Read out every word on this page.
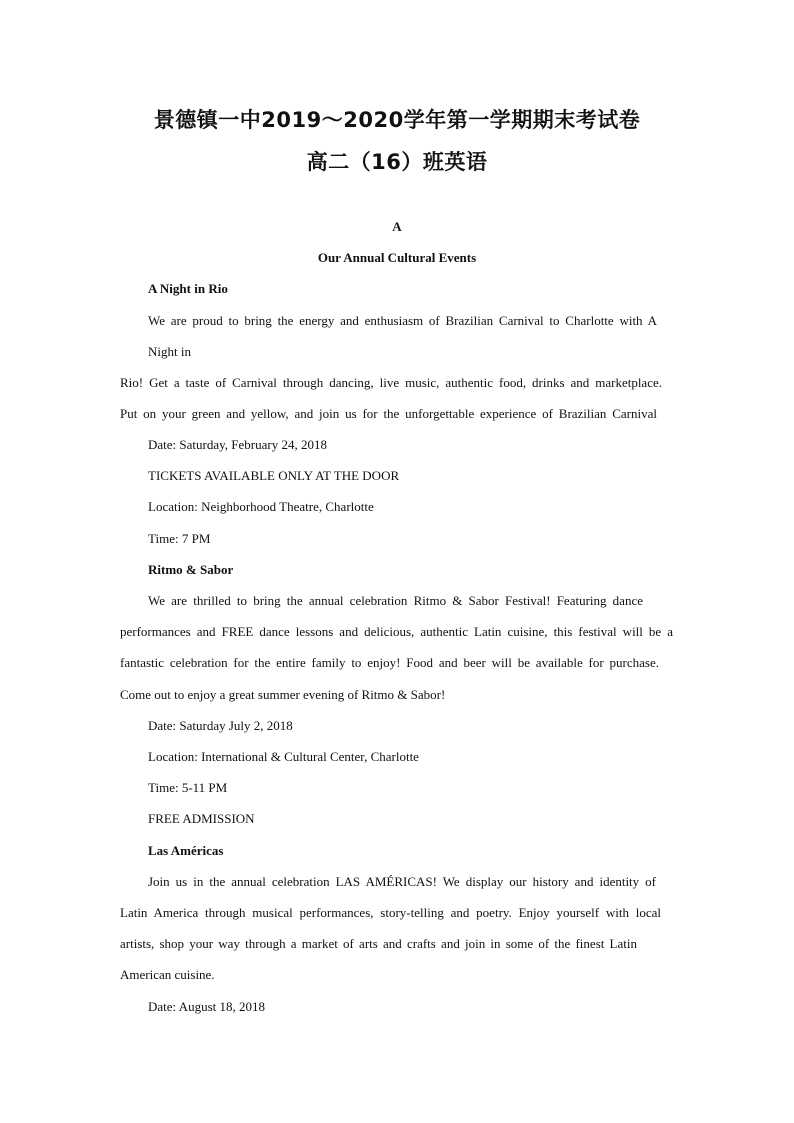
景德镇一中2019～2020学年第一学期期末考试卷
高二（16）班英语
A
Our Annual Cultural Events
A Night in Rio
We are proud to bring the energy and enthusiasm of Brazilian Carnival to Charlotte with A
Night in
Rio! Get a taste of Carnival through dancing, live music, authentic food, drinks and marketplace.
Put on your green and yellow, and join us for the unforgettable experience of Brazilian Carnival
Date: Saturday, February 24, 2018
TICKETS AVAILABLE ONLY AT THE DOOR
Location: Neighborhood Theatre, Charlotte
Time: 7 PM
Ritmo & Sabor
We are thrilled to bring the annual celebration Ritmo & Sabor Festival! Featuring dance
performances and FREE dance lessons and delicious, authentic Latin cuisine, this festival will be a
fantastic celebration for the entire family to enjoy! Food and beer will be available for purchase.
Come out to enjoy a great summer evening of Ritmo & Sabor!
Date: Saturday July 2, 2018
Location: International & Cultural Center, Charlotte
Time: 5-11 PM
FREE ADMISSION
Las Américas
Join us in the annual celebration LAS AMÉRICAS! We display our history and identity of
Latin America through musical performances, story-telling and poetry. Enjoy yourself with local
artists, shop your way through a market of arts and crafts and join in some of the finest Latin
American cuisine.
Date: August 18, 2018
